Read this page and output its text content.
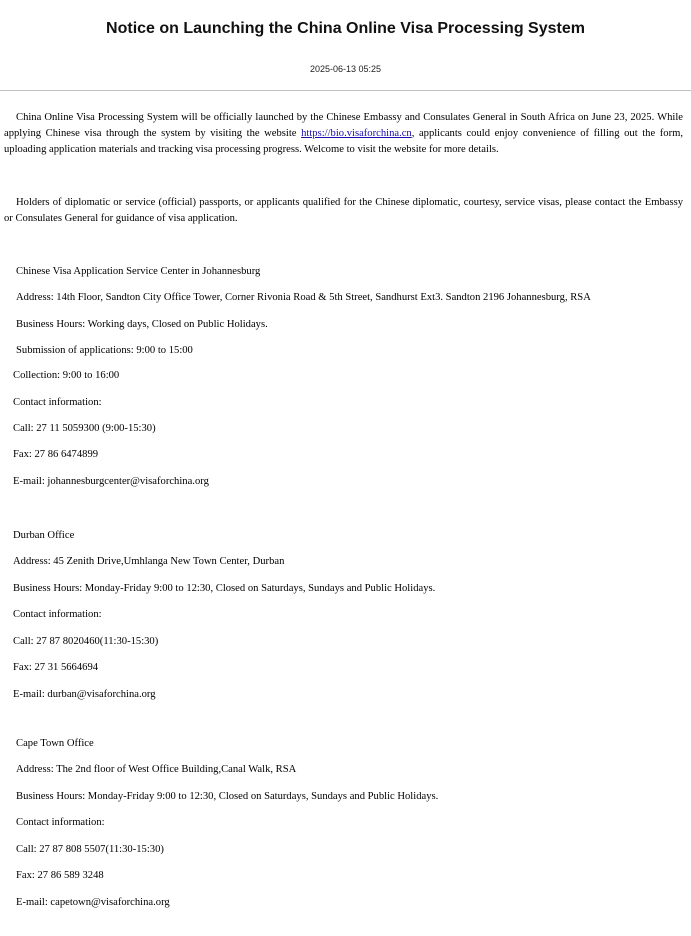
Notice on Launching the China Online Visa Processing System
2025-06-13 05:25

China Online Visa Processing System will be officially launched by the Chinese Embassy and Consulates General in South Africa on June 23, 2025. While applying Chinese visa through the system by visiting the website https://bio.visaforchina.cn, applicants could enjoy convenience of filling out the form, uploading application materials and tracking visa processing progress. Welcome to visit the website for more details.

Holders of diplomatic or service (official) passports, or applicants qualified for the Chinese diplomatic, courtesy, service visas, please contact the Embassy or Consulates General for guidance of visa application.

Chinese Visa Application Service Center in Johannesburg
Address: 14th Floor, Sandton City Office Tower, Corner Rivonia Road & 5th Street, Sandhurst Ext3. Sandton 2196 Johannesburg, RSA
Business Hours: Working days, Closed on Public Holidays.
Submission of applications: 9:00 to 15:00
Collection: 9:00 to 16:00
Contact information:
Call: 27 11 5059300 (9:00-15:30)
Fax: 27 86 6474899
E-mail: johannesburgcenter@visaforchina.org
Durban Office
Address: 45 Zenith Drive,Umhlanga New Town Center, Durban
Business Hours: Monday-Friday 9:00 to 12:30, Closed on Saturdays, Sundays and Public Holidays.
Contact information:
Call: 27 87 8020460(11:30-15:30)
Fax: 27 31 5664694
E-mail: durban@visaforchina.org
Cape Town Office
Address: The 2nd floor of West Office Building,Canal Walk, RSA
Business Hours: Monday-Friday 9:00 to 12:30, Closed on Saturdays, Sundays and Public Holidays.
Contact information:
Call: 27 87 808 5507(11:30-15:30)
Fax: 27 86 589 3248
E-mail: capetown@visaforchina.org
